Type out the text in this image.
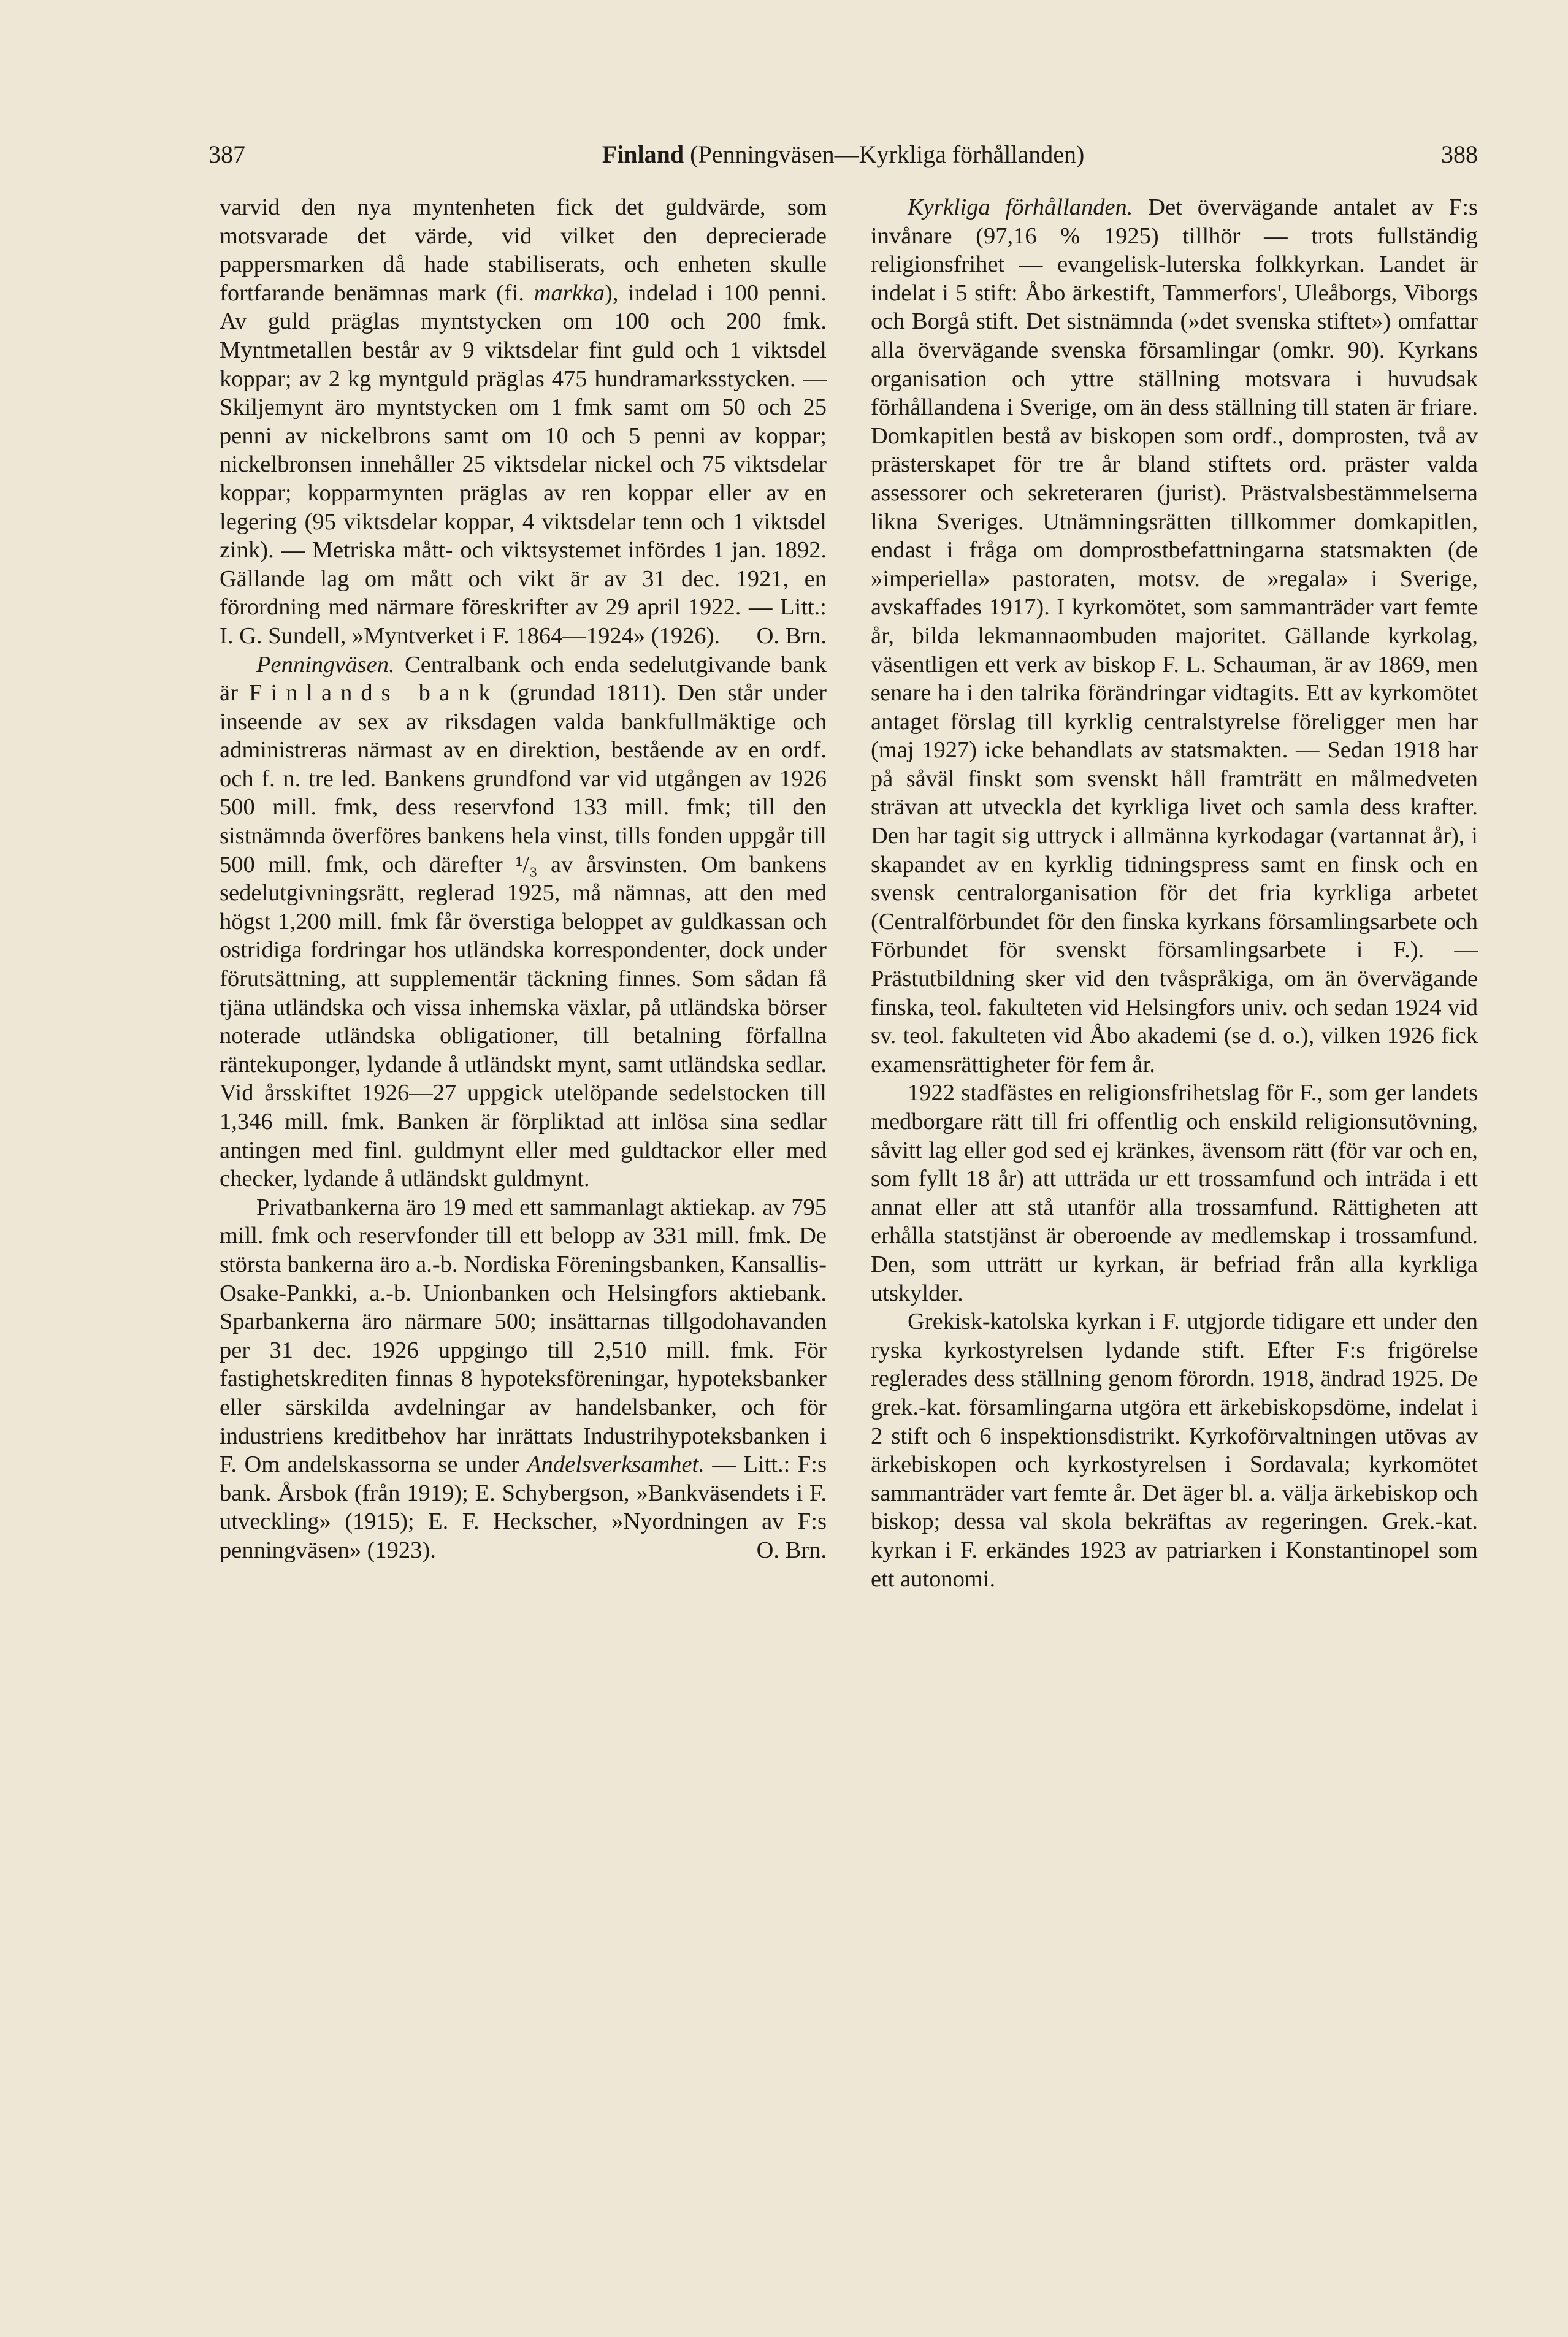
387	Finland (Penningväsen—Kyrkliga förhållanden)	388

varvid den nya myntenheten fick det guldvärde, som motsvarade det värde, vid vilket den deprecierade pappersmarken då hade stabiliserats, och enheten skulle fortfarande benämnas mark (fi. markka), indelad i 100 penni. Av guld präglas myntstycken om 100 och 200 fmk. Myntmetallen består av 9 viktsdelar fint guld och 1 viktsdel koppar; av 2 kg myntguld präglas 475 hundramarksstycken. — Skiljemynt äro myntstycken om 1 fmk samt om 50 och 25 penni av nickelbrons samt om 10 och 5 penni av koppar; nickelbronsen innehåller 25 viktsdelar nickel och 75 viktsdelar koppar; kopparmynten präglas av ren koppar eller av en legering (95 viktsdelar koppar, 4 viktsdelar tenn och 1 viktsdel zink). — Metriska mått- och viktsystemet infördes 1 jan. 1892. Gällande lag om mått och vikt är av 31 dec. 1921, en förordning med närmare föreskrifter av 29 april 1922. — Litt.: I. G. Sundell, »Myntverket i F. 1864—1924» (1926). O. Brn.

Penningväsen. Centralbank och enda sedelutgivande bank är Finlands bank (grundad 1811). Den står under inseende av sex av riksdagen valda bankfullmäktige och administreras närmast av en direktion, bestående av en ordf. och f. n. tre led. Bankens grundfond var vid utgången av 1926 500 mill. fmk, dess reservfond 133 mill. fmk; till den sistnämnda överföres bankens hela vinst, tills fonden uppgår till 500 mill. fmk, och därefter ¹/₃ av årsvinsten. Om bankens sedelutgivningsrätt, reglerad 1925, må nämnas, att den med högst 1,200 mill. fmk får överstiga beloppet av guldkassan och ostridiga fordringar hos utländska korrespondenter, dock under förutsättning, att supplementär täckning finnes. Som sådan få tjäna utländska och vissa inhemska växlar, på utländska börser noterade utländska obligationer, till betalning förfallna räntekuponger, lydande å utländskt mynt, samt utländska sedlar. Vid årsskiftet 1926—27 uppgick utelöpande sedelstocken till 1,346 mill. fmk. Banken är förpliktad att inlösa sina sedlar antingen med finl. guldmynt eller med guldtackor eller med checker, lydande å utländskt guldmynt.

Privatbankerna äro 19 med ett sammanlagt aktiekap. av 795 mill. fmk och reservfonder till ett belopp av 331 mill. fmk. De största bankerna äro a.-b. Nordiska Föreningsbanken, Kansallis-Osake-Pankki, a.-b. Unionbanken och Helsingfors aktiebank. Sparbankerna äro närmare 500; insättarnas tillgodohavanden per 31 dec. 1926 uppgingo till 2,510 mill. fmk. För fastighetskrediten finnas 8 hypoteksföreningar, hypoteksbanker eller särskilda avdelningar av handelsbanker, och för industriens kreditbehov har inrättats Industrihypoteksbanken i F. Om andelskassorna se under Andelsverksamhet. — Litt.: F:s bank. Årsbok (från 1919); E. Schybergson, »Bankväsendets i F. utveckling» (1915); E. F. Heckscher, »Nyordningen av F:s penningväsen» (1923).	O. Brn.

Kyrkliga förhållanden. Det övervägande antalet av F:s invånare (97,16 % 1925) tillhör — trots fullständig religionsfrihet — evangelisk-luterska folkkyrkan. Landet är indelat i 5 stift: Åbo ärkestift, Tammerfors', Uleåborgs, Viborgs och Borgå stift. Det sistnämnda (»det svenska stiftet») omfattar alla övervägande svenska församlingar (omkr. 90). Kyrkans organisation och yttre ställning motsvara i huvudsak förhållandena i Sverige, om än dess ställning till staten är friare. Domkapitlen bestå av biskopen som ordf., domprosten, två av prästerskapet för tre år bland stiftets ord. präster valda assessorer och sekreteraren (jurist). Prästvalsbestämmelserna likna Sveriges. Utnämningsrätten tillkommer domkapitlen, endast i fråga om domprostbefattningarna statsmakten (de »imperiella» pastoraten, motsv. de »regala» i Sverige, avskaffades 1917). I kyrkomötet, som sammanträder vart femte år, bilda lekmannaombuden majoritet. Gällande kyrkolag, väsentligen ett verk av biskop F. L. Schauman, är av 1869, men senare ha i den talrika förändringar vidtagits. Ett av kyrkomötet antaget förslag till kyrklig centralstyrelse föreligger men har (maj 1927) icke behandlats av statsmakten. — Sedan 1918 har på såväl finskt som svenskt håll framträtt en målmedveten strävan att utveckla det kyrkliga livet och samla dess krafter. Den har tagit sig uttryck i allmänna kyrkodagar (vartannat år), i skapandet av en kyrklig tidningspress samt en finsk och en svensk centralorganisation för det fria kyrkliga arbetet (Centralförbundet för den finska kyrkans församlingsarbete och Förbundet för svenskt församlingsarbete i F.). — Prästutbildning sker vid den tvåspråkiga, om än övervägande finska, teol. fakulteten vid Helsingfors univ. och sedan 1924 vid sv. teol. fakulteten vid Åbo akademi (se d. o.), vilken 1926 fick examensrättigheter för fem år.

1922 stadfästes en religionsfrihetslag för F., som ger landets medborgare rätt till fri offentlig och enskild religionsutövning, såvitt lag eller god sed ej kränkes, ävensom rätt (för var och en, som fyllt 18 år) att utträda ur ett trossamfund och inträda i ett annat eller att stå utanför alla trossamfund. Rättigheten att erhålla statstjänst är oberoende av medlemskap i trossamfund. Den, som utträtt ur kyrkan, är befriad från alla kyrkliga utskylder.

Grekisk-katolska kyrkan i F. utgjorde tidigare ett under den ryska kyrkostyrelsen lydande stift. Efter F:s frigörelse reglerades dess ställning genom förordn. 1918, ändrad 1925. De grek.-kat. församlingarna utgöra ett ärkebiskopsdöme, indelat i 2 stift och 6 inspektionsdistrikt. Kyrkoförvaltningen utövas av ärkebiskopen och kyrkostyrelsen i Sordavala; kyrkomötet sammanträder vart femte år. Det äger bl. a. välja ärkebiskop och biskop; dessa val skola bekräftas av regeringen. Grek.-kat. kyrkan i F. erkändes 1923 av patriarken i Konstantinopel som ett autonomi.
